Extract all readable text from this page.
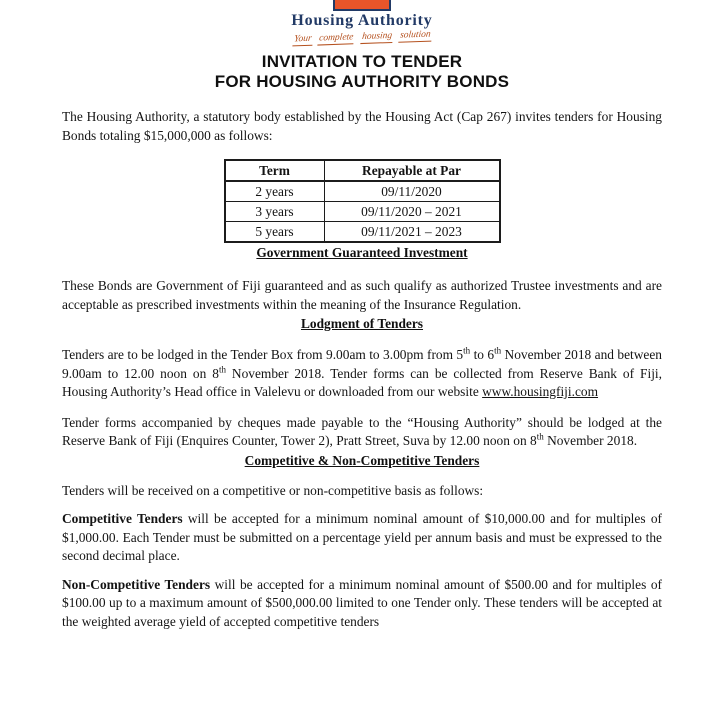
Housing Authority
Your complete housing solution
INVITATION TO TENDER
FOR HOUSING AUTHORITY BONDS

The Housing Authority, a statutory body established by the Housing Act (Cap 267) invites tenders for Housing Bonds totaling $15,000,000 as follows:

Term	Repayable at Par
2 years	09/11/2020
3 years	09/11/2020 – 2021
5 years	09/11/2021 – 2023
Government Guaranteed Investment

These Bonds are Government of Fiji guaranteed and as such qualify as authorized Trustee investments and are acceptable as prescribed investments within the meaning of the Insurance Regulation.

Lodgment of Tenders

Tenders are to be lodged in the Tender Box from 9.00am to 3.00pm from 5th to 6th November 2018 and between 9.00am to 12.00 noon on 8th November 2018. Tender forms can be collected from Reserve Bank of Fiji, Housing Authority’s Head office in Valelevu or downloaded from our website www.housingfiji.com

Tender forms accompanied by cheques made payable to the “Housing Authority” should be lodged at the Reserve Bank of Fiji (Enquires Counter, Tower 2), Pratt Street, Suva by 12.00 noon on 8th November 2018.

Competitive & Non-Competitive Tenders

Tenders will be received on a competitive or non-competitive basis as follows:

Competitive Tenders will be accepted for a minimum nominal amount of $10,000.00 and for multiples of $1,000.00. Each Tender must be submitted on a percentage yield per annum basis and must be expressed to the second decimal place.

Non-Competitive Tenders will be accepted for a minimum nominal amount of $500.00 and for multiples of $100.00 up to a maximum amount of $500,000.00 limited to one Tender only. These tenders will be accepted at the weighted average yield of accepted competitive tenders
